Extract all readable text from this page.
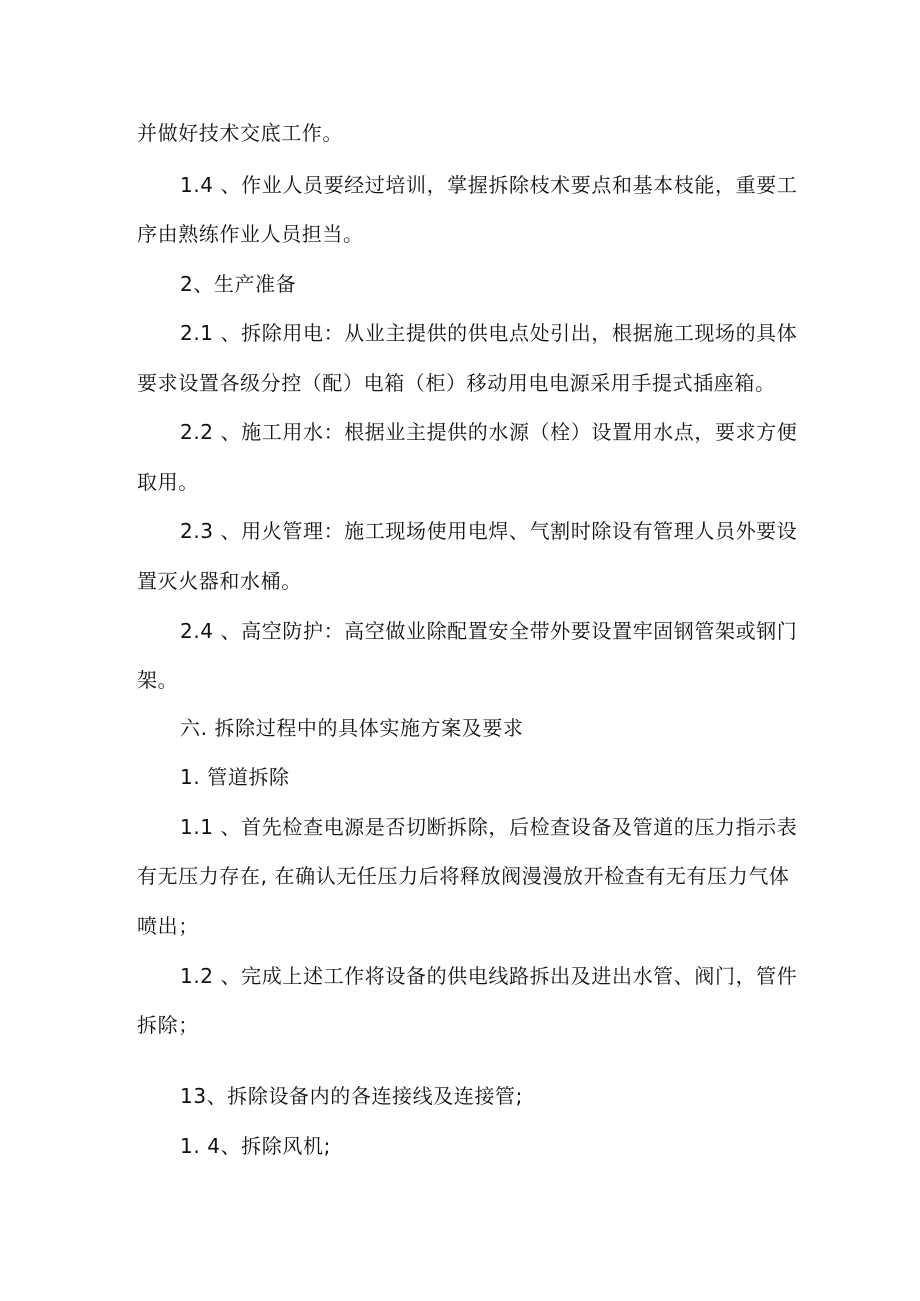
并做好技术交底工作。
1.4 、作业人员要经过培训，掌握拆除枝术要点和基本枝能，重要工
序由熟练作业人员担当。
2、生产准备
2.1 、拆除用电：从业主提供的供电点处引出，根据施工现场的具体
要求设置各级分控（配）电箱（柜）移动用电电源采用手提式插座箱。
2.2 、施工用水：根据业主提供的水源（栓）设置用水点，要求方便
取用。
2.3 、用火管理：施工现场使用电焊、气割时除设有管理人员外要设
置灭火器和水桶。
2.4 、高空防护：高空做业除配置安全带外要设置牢固钢管架或钢门
架。
六. 拆除过程中的具体实施方案及要求
1. 管道拆除
1.1 、首先检查电源是否切断拆除，后检查设备及管道的压力指示表
有无压力存在, 在确认无任压力后将释放阀漫漫放开检查有无有压力气体
喷出；
1.2 、完成上述工作将设备的供电线路拆出及进出水管、阀门，管件
拆除；
13、拆除设备内的各连接线及连接管;
1. 4、拆除风机;
